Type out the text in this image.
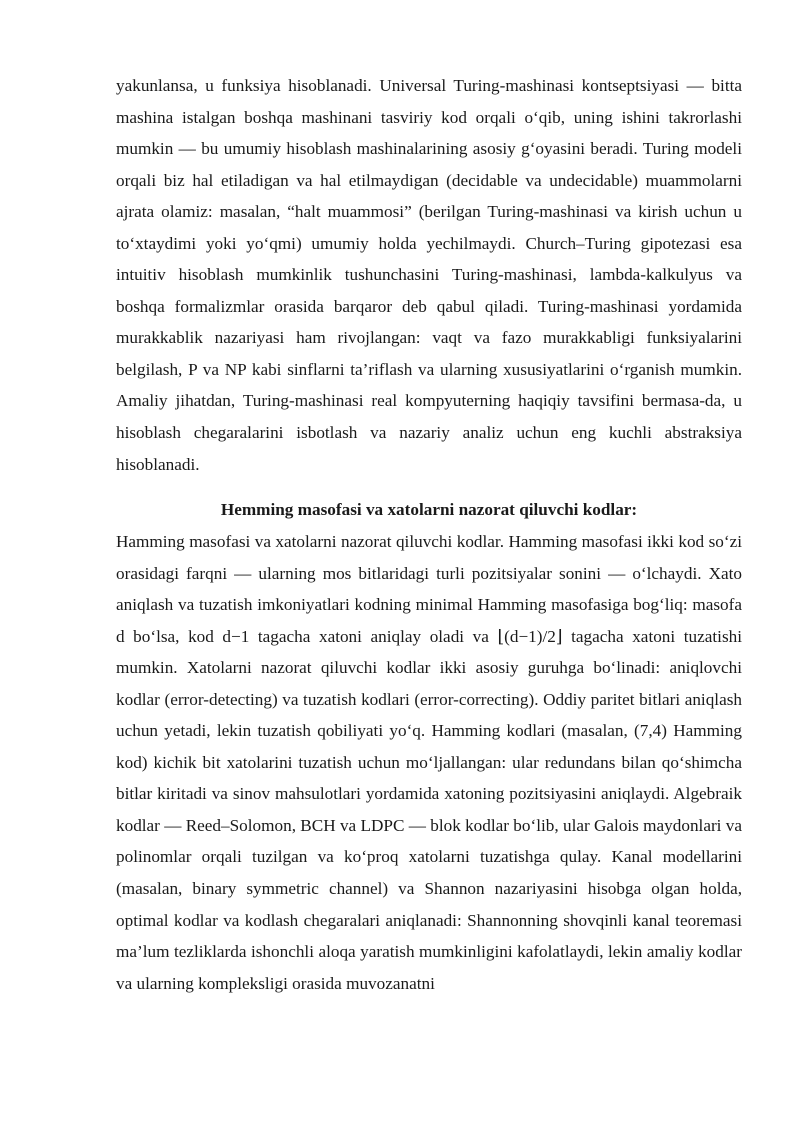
yakunlansa, u funksiya hisoblanadi. Universal Turing-mashinasi kontseptsiyasi — bitta mashina istalgan boshqa mashinani tasviriy kod orqali o‘qib, uning ishini takrorlashi mumkin — bu umumiy hisoblash mashinalarining asosiy g‘oyasini beradi. Turing modeli orqali biz hal etiladigan va hal etilmaydigan (decidable va undecidable) muammolarni ajrata olamiz: masalan, “halt muammosi” (berilgan Turing-mashinasi va kirish uchun u to‘xtaydimi yoki yo‘qmi) umumiy holda yechilmaydi. Church–Turing gipotezasi esa intuitiv hisoblash mumkinlik tushunchasini Turing-mashinasi, lambda-kalkulyus va boshqa formalizmlar orasida barqaror deb qabul qiladi. Turing-mashinasi yordamida murakkablik nazariyasi ham rivojlangan: vaqt va fazo murakkabligi funksiyalarini belgilash, P va NP kabi sinflarni ta’riflash va ularning xususiyatlarini o‘rganish mumkin. Amaliy jihatdan, Turing-mashinasi real kompyuterning haqiqiy tavsifini bermasa-da, u hisoblash chegaralarini isbotlash va nazariy analiz uchun eng kuchli abstraksiya hisoblanadi.

Hemming masofasi va xatolarni nazorat qiluvchi kodlar:

Hamming masofasi va xatolarni nazorat qiluvchi kodlar. Hamming masofasi ikki kod so‘zi orasidagi farqni — ularning mos bitlaridagi turli pozitsiyalar sonini — o‘lchaydi. Xato aniqlash va tuzatish imkoniyatlari kodning minimal Hamming masofasiga bog‘liq: masofa d bo‘lsa, kod d−1 tagacha xatoni aniqlay oladi va ⌊(d−1)/2⌋ tagacha xatoni tuzatishi mumkin. Xatolarni nazorat qiluvchi kodlar ikki asosiy guruhga bo‘linadi: aniqlovchi kodlar (error-detecting) va tuzatish kodlari (error-correcting). Oddiy paritet bitlari aniqlash uchun yetadi, lekin tuzatish qobiliyati yo‘q. Hamming kodlari (masalan, (7,4) Hamming kod) kichik bit xatolarini tuzatish uchun mo‘ljallangan: ular redundans bilan qo‘shimcha bitlar kiritadi va sinov mahsulotlari yordamida xatoning pozitsiyasini aniqlaydi. Algebraik kodlar — Reed–Solomon, BCH va LDPC — blok kodlar bo‘lib, ular Galois maydonlari va polinomlar orqali tuzilgan va ko‘proq xatolarni tuzatishga qulay. Kanal modellarini (masalan, binary symmetric channel) va Shannon nazariyasini hisobga olgan holda, optimal kodlar va kodlash chegaralari aniqlanadi: Shannonning shovqinli kanal teoremasi ma’lum tezliklarda ishonchli aloqa yaratish mumkinligini kafolatlaydi, lekin amaliy kodlar va ularning kompleksligi orasida muvozanatni
